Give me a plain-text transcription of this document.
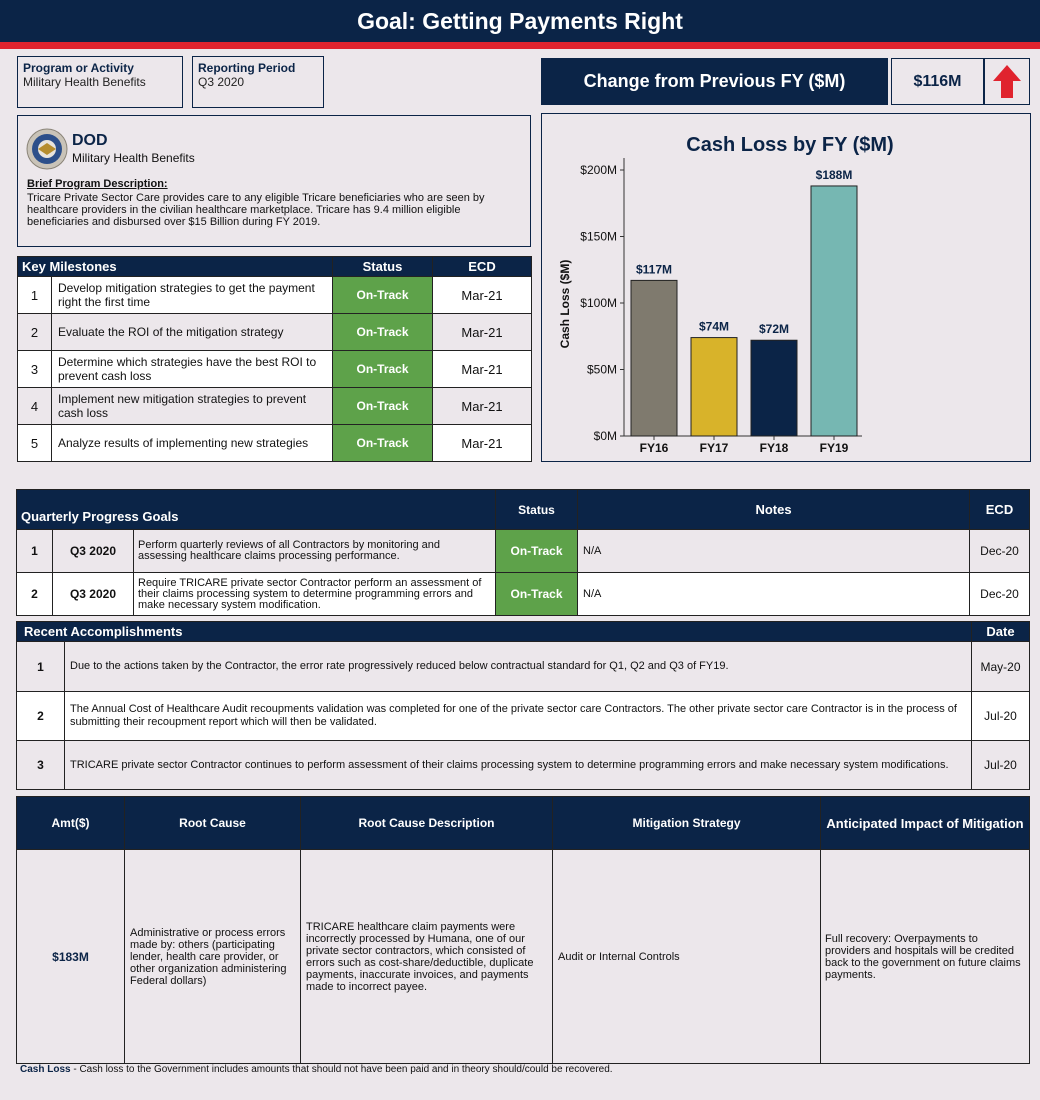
Goal: Getting Payments Right
Program or Activity
Military Health Benefits
Reporting Period
Q3 2020	Change from Previous FY ($M)	$116M
DOD
Military Health Benefits
Brief Program Description:
Tricare Private Sector Care provides care to any eligible Tricare beneficiaries who are seen by healthcare providers in the civilian healthcare marketplace. Tricare has 9.4 million eligible beneficiaries and disbursed over $15 Billion during FY 2019.
Key Milestones		Status	ECD
1	Develop mitigation strategies to get the payment right the first time	On-Track	Mar-21
2	Evaluate the ROI of the mitigation strategy	On-Track	Mar-21
3	Determine which strategies have the best ROI to prevent cash loss	On-Track	Mar-21
4	Implement new mitigation strategies to prevent cash loss	On-Track	Mar-21
5	Analyze results of implementing new strategies	On-Track	Mar-21
Cash Loss by FY ($M)
Cash Loss ($M)
$0M
$50M
$100M
$150M
$200M
$117M
FY16
$74M
FY17
$72M
FY18
$188M
FY19
Quarterly Progress Goals			Status	Notes	ECD
1	Q3 2020	Perform quarterly reviews of all Contractors by monitoring and assessing healthcare claims processing performance.	On-Track	N/A	Dec-20
2	Q3 2020	Require TRICARE private sector Contractor perform an assessment of their claims processing system to determine programming errors and make necessary system modification.	On-Track	N/A	Dec-20
Recent Accomplishments		Date
1	Due to the actions taken by the Contractor, the error rate progressively reduced below contractual standard for Q1, Q2 and Q3 of FY19.	May-20
2	The Annual Cost of Healthcare Audit recoupments validation was completed for one of the private sector care Contractors. The other private sector care Contractor is in the process of submitting their recoupment report which will then be validated.	Jul-20
3	TRICARE private sector Contractor continues to perform assessment of their claims processing system to determine programming errors and make necessary system modifications.	Jul-20
Amt($)	Root Cause	Root Cause Description	Mitigation Strategy	Anticipated Impact of Mitigation
$183M	Administrative or process errors made by: others (participating lender, health care provider, or other organization administering Federal dollars)	TRICARE healthcare claim payments were incorrectly processed by Humana, one of our private sector contractors, which consisted of errors such as cost-share/deductible, duplicate payments, inaccurate invoices, and payments made to incorrect payee.	Audit or Internal Controls	Full recovery: Overpayments to providers and hospitals will be credited back to the government on future claims payments.
Cash Loss - Cash loss to the Government includes amounts that should not have been paid and in theory should/could be recovered.
